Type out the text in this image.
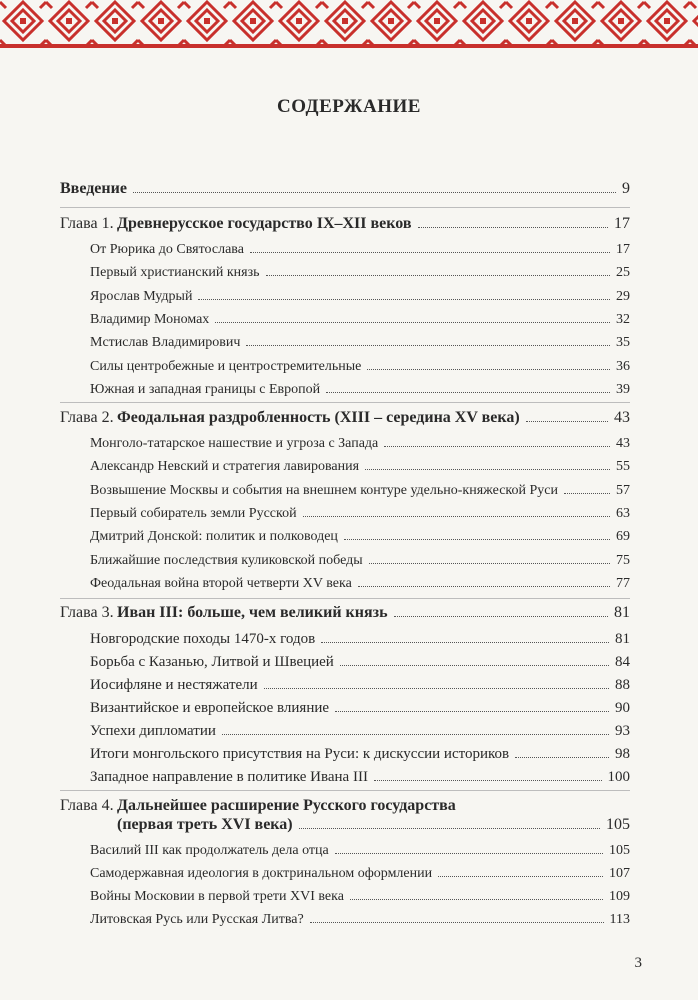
СОДЕРЖАНИЕ
Введение	9
Глава 1. Древнерусское государство IX–XII веков	17
От Рюрика до Святослава	17
Первый христианский князь	25
Ярослав Мудрый	29
Владимир Мономах	32
Мстислав Владимирович	35
Силы центробежные и центростремительные	36
Южная и западная границы с Европой	39
Глава 2. Феодальная раздробленность (XIII – середина XV века)	43
Монголо-татарское нашествие и угроза с Запада	43
Александр Невский и стратегия лавирования	55
Возвышение Москвы и события на внешнем контуре удельно-княжеской Руси	57
Первый собиратель земли Русской	63
Дмитрий Донской: политик и полководец	69
Ближайшие последствия куликовской победы	75
Феодальная война второй четверти XV века	77
Глава 3. Иван III: больше, чем великий князь	81
Новгородские походы 1470-х годов	81
Борьба с Казанью, Литвой и Швецией	84
Иосифляне и нестяжатели	88
Византийское и европейское влияние	90
Успехи дипломатии	93
Итоги монгольского присутствия на Руси: к дискуссии историков	98
Западное направление в политике Ивана III	100
Глава 4. Дальнейшее расширение Русского государства
(первая треть XVI века)	105
Василий III как продолжатель дела отца	105
Самодержавная идеология в доктринальном оформлении	107
Войны Московии в первой трети XVI века	109
Литовская Русь или Русская Литва?	113
3
